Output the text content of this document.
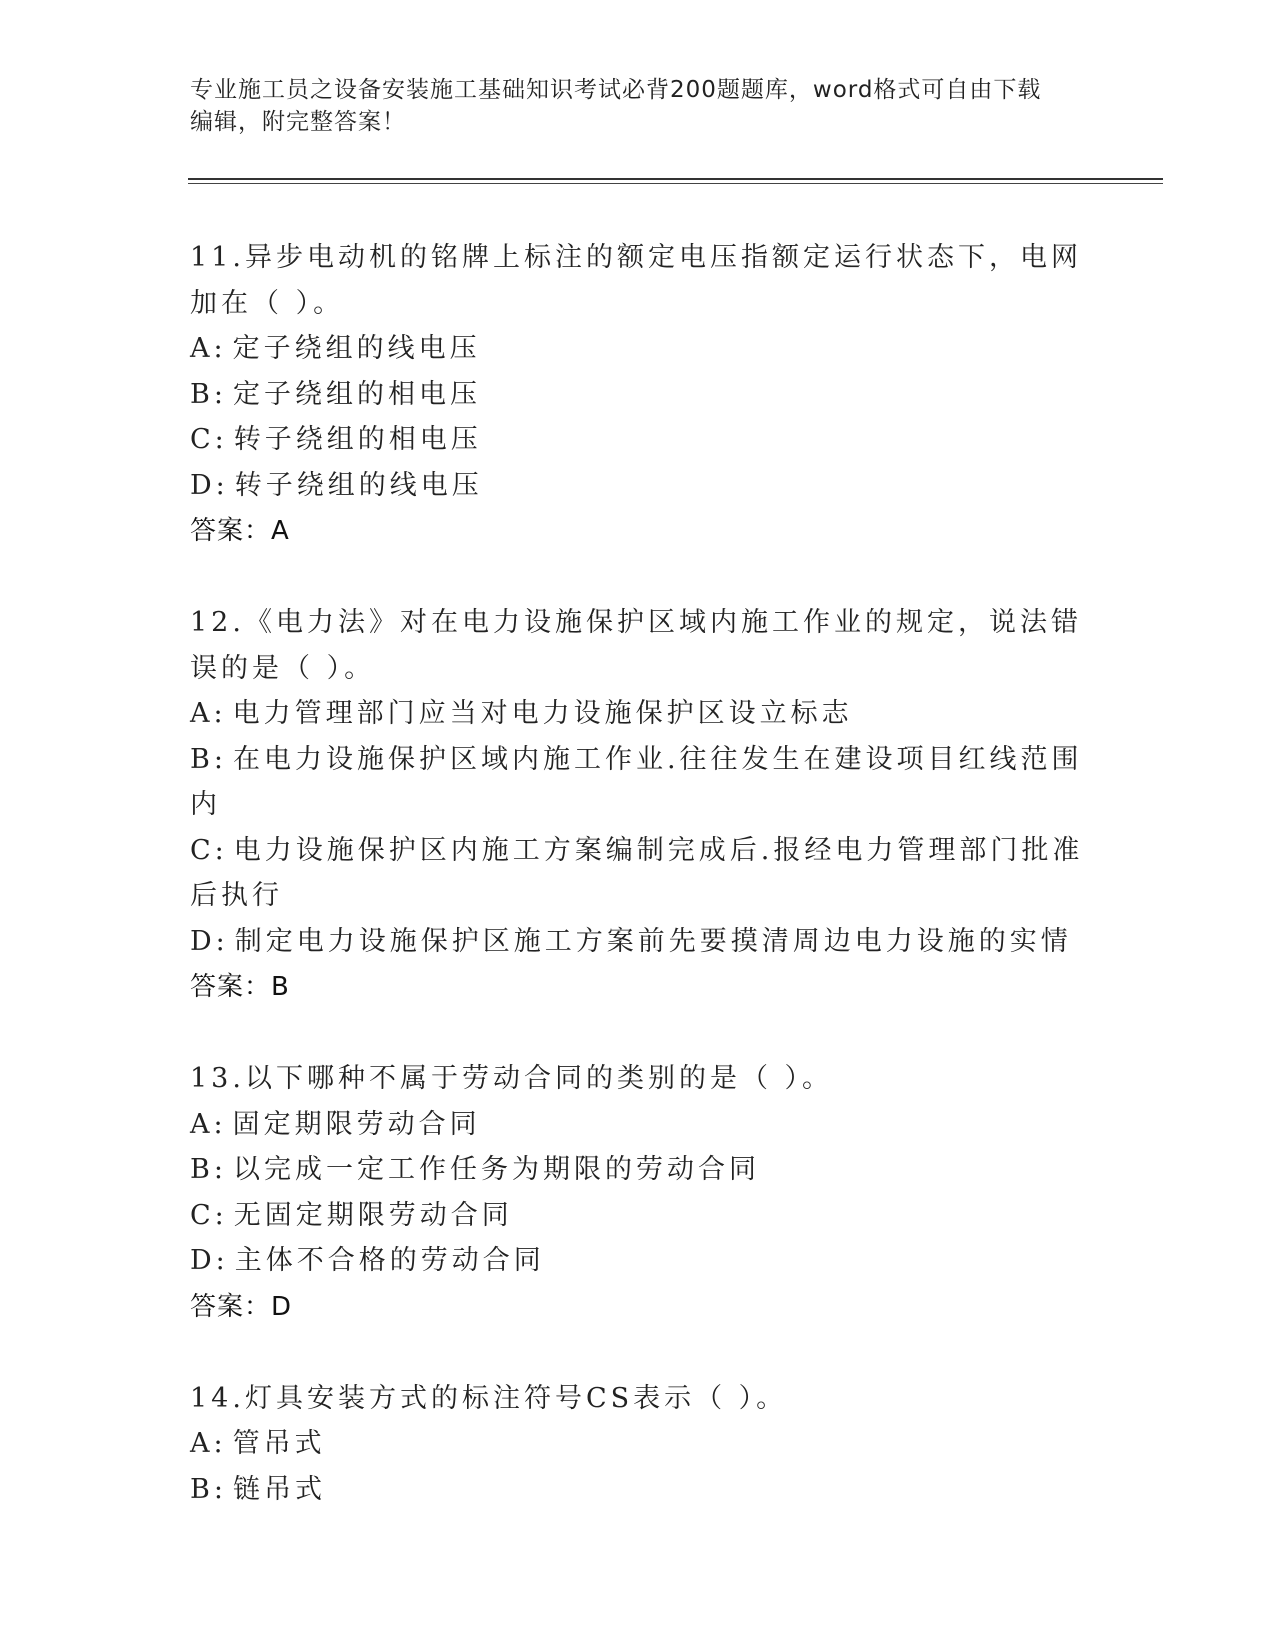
专业施工员之设备安装施工基础知识考试必背200题题库，word格式可自由下载
编辑，附完整答案！
11.异步电动机的铭牌上标注的额定电压指额定运行状态下，电网加在（ ）。
A: 定子绕组的线电压
B: 定子绕组的相电压
C: 转子绕组的相电压
D: 转子绕组的线电压
答案：A
12.《电力法》对在电力设施保护区域内施工作业的规定，说法错误的是（ ）。
A: 电力管理部门应当对电力设施保护区设立标志
B: 在电力设施保护区域内施工作业.往往发生在建设项目红线范围内
C: 电力设施保护区内施工方案编制完成后.报经电力管理部门批准后执行
D: 制定电力设施保护区施工方案前先要摸清周边电力设施的实情
答案：B
13.以下哪种不属于劳动合同的类别的是（ ）。
A: 固定期限劳动合同
B: 以完成一定工作任务为期限的劳动合同
C: 无固定期限劳动合同
D: 主体不合格的劳动合同
答案：D
14.灯具安装方式的标注符号CS表示（ ）。
A: 管吊式
B: 链吊式
